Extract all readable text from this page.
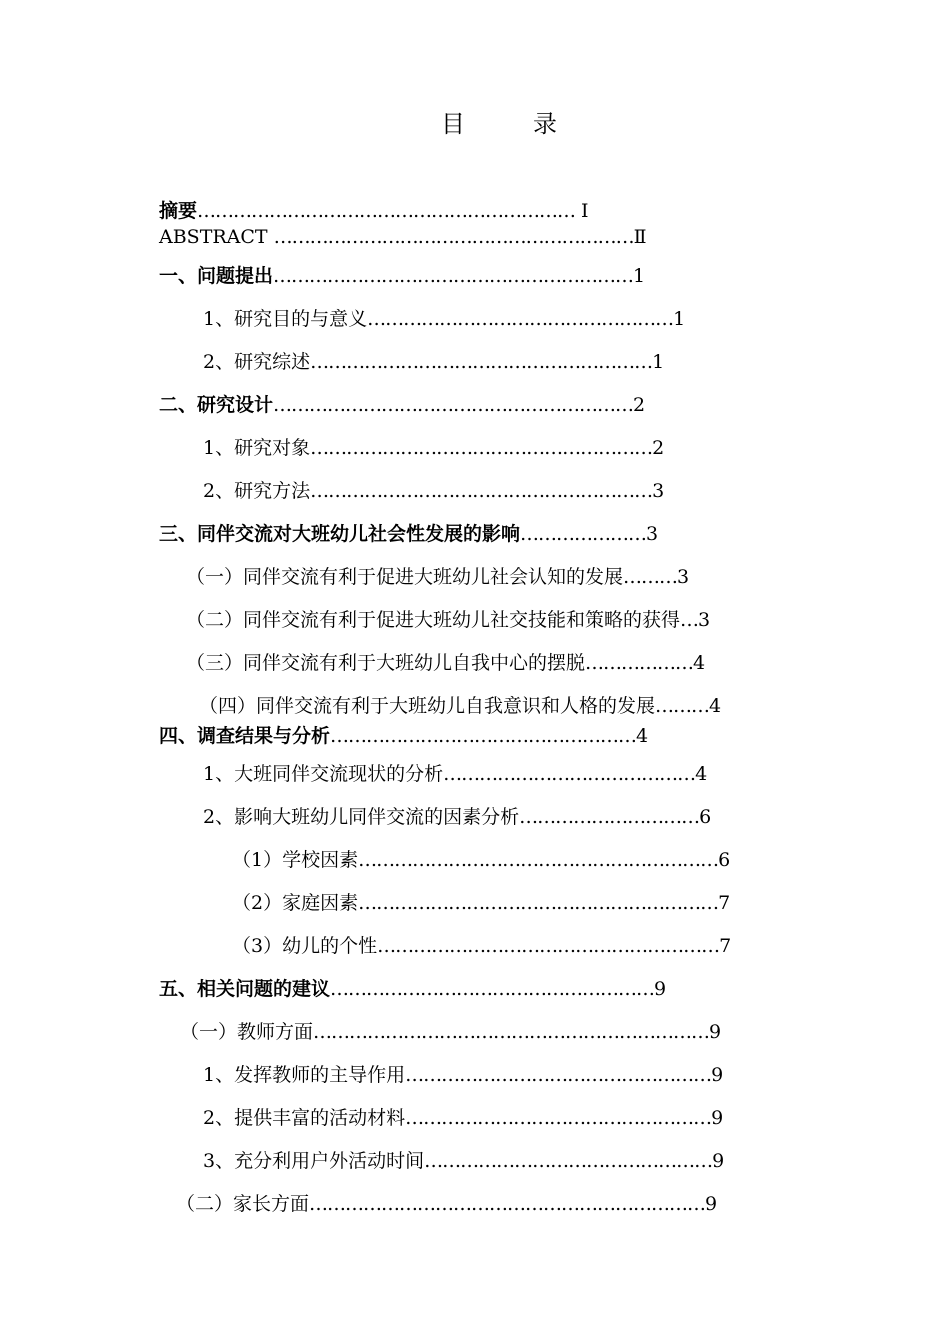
目　录
摘要……………………………………………………… Ⅰ
ABSTRACT ……………………………………………………Ⅱ
一、问题提出……………………………………………………1
1、研究目的与意义……………………………………………1
2、研究综述…………………………………………………1
二、研究设计……………………………………………………2
1、研究对象…………………………………………………2
2、研究方法…………………………………………………3
三、同伴交流对大班幼儿社会性发展的影响…………………3
（一）同伴交流有利于促进大班幼儿社会认知的发展………3
（二）同伴交流有利于促进大班幼儿社交技能和策略的获得…3
（三）同伴交流有利于大班幼儿自我中心的摆脱………………4
（四）同伴交流有利于大班幼儿自我意识和人格的发展………4
四、调查结果与分析……………………………………………4
1、大班同伴交流现状的分析……………………………………4
2、影响大班幼儿同伴交流的因素分析…………………………6
（1）学校因素……………………………………………………6
（2）家庭因素……………………………………………………7
（3）幼儿的个性…………………………………………………7
五、相关问题的建议………………………………………………9
（一）教师方面…………………………………………………………9
1、发挥教师的主导作用……………………………………………9
2、提供丰富的活动材料……………………………………………9
3、充分利用户外活动时间…………………………………………9
（二）家长方面…………………………………………………………9
